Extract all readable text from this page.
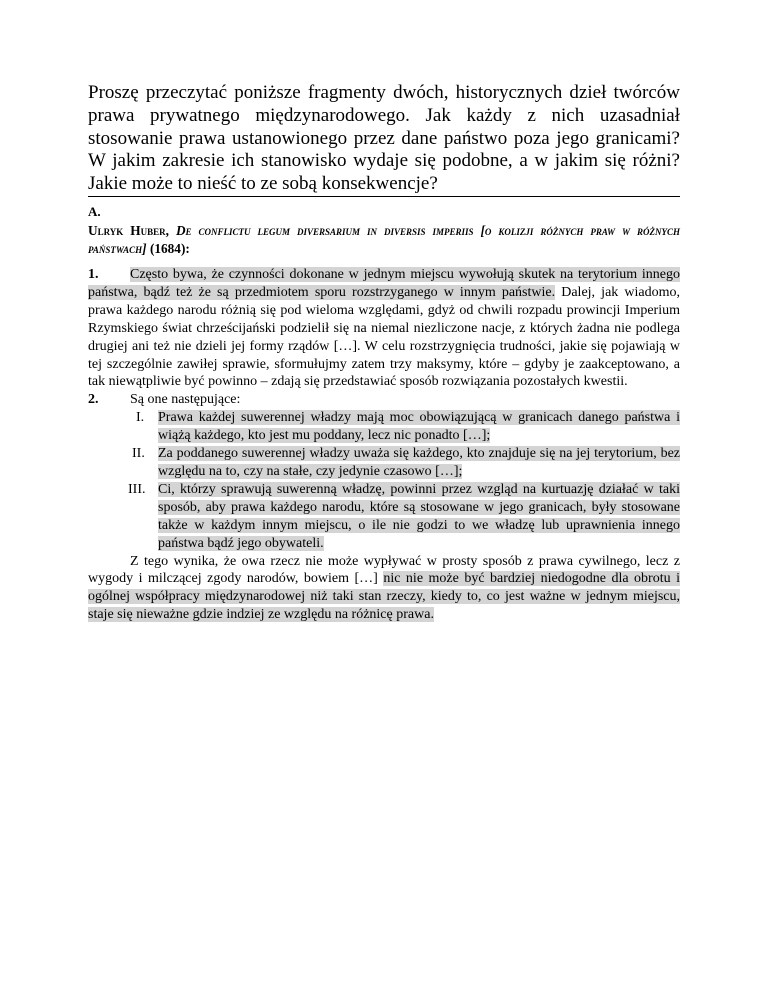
Proszę przeczytać poniższe fragmenty dwóch, historycznych dzieł twórców prawa prywatnego międzynarodowego. Jak każdy z nich uzasadniał stosowanie prawa ustanowionego przez dane państwo poza jego granicami? W jakim zakresie ich stanowisko wydaje się podobne, a w jakim się różni? Jakie może to nieść to ze sobą konsekwencje?

A.

Ulryk Huber, De conflictu legum diversarium in diversis imperiis [o kolizji różnych praw w różnych państwach] (1684):

1. Często bywa, że czynności dokonane w jednym miejscu wywołują skutek na terytorium innego państwa, bądź też że są przedmiotem sporu rozstrzyganego w innym państwie. Dalej, jak wiadomo, prawa każdego narodu różnią się pod wieloma względami, gdyż od chwili rozpadu prowincji Imperium Rzymskiego świat chrześcijański podzielił się na niemal niezliczone nacje, z których żadna nie podlega drugiej ani też nie dzieli jej formy rządów […]. W celu rozstrzygnięcia trudności, jakie się pojawiają w tej szczególnie zawiłej sprawie, sformułujmy zatem trzy maksymy, które – gdyby je zaakceptowano, a tak niewątpliwie być powinno – zdają się przedstawiać sposób rozwiązania pozostałych kwestii.

2. Są one następujące:

I. Prawa każdej suwerennej władzy mają moc obowiązującą w granicach danego państwa i wiążą każdego, kto jest mu poddany, lecz nic ponadto […];
II. Za poddanego suwerennej władzy uważa się każdego, kto znajduje się na jej terytorium, bez względu na to, czy na stałe, czy jedynie czasowo […];
III. Ci, którzy sprawują suwerenną władzę, powinni przez wzgląd na kurtuazję działać w taki sposób, aby prawa każdego narodu, które są stosowane w jego granicach, były stosowane także w każdym innym miejscu, o ile nie godzi to we władzę lub uprawnienia innego państwa bądź jego obywateli.

Z tego wynika, że owa rzecz nie może wypływać w prosty sposób z prawa cywilnego, lecz z wygody i milczącej zgody narodów, bowiem […] nic nie może być bardziej niedogodne dla obrotu i ogólnej współpracy międzynarodowej niż taki stan rzeczy, kiedy to, co jest ważne w jednym miejscu, staje się nieważne gdzie indziej ze względu na różnicę prawa.
